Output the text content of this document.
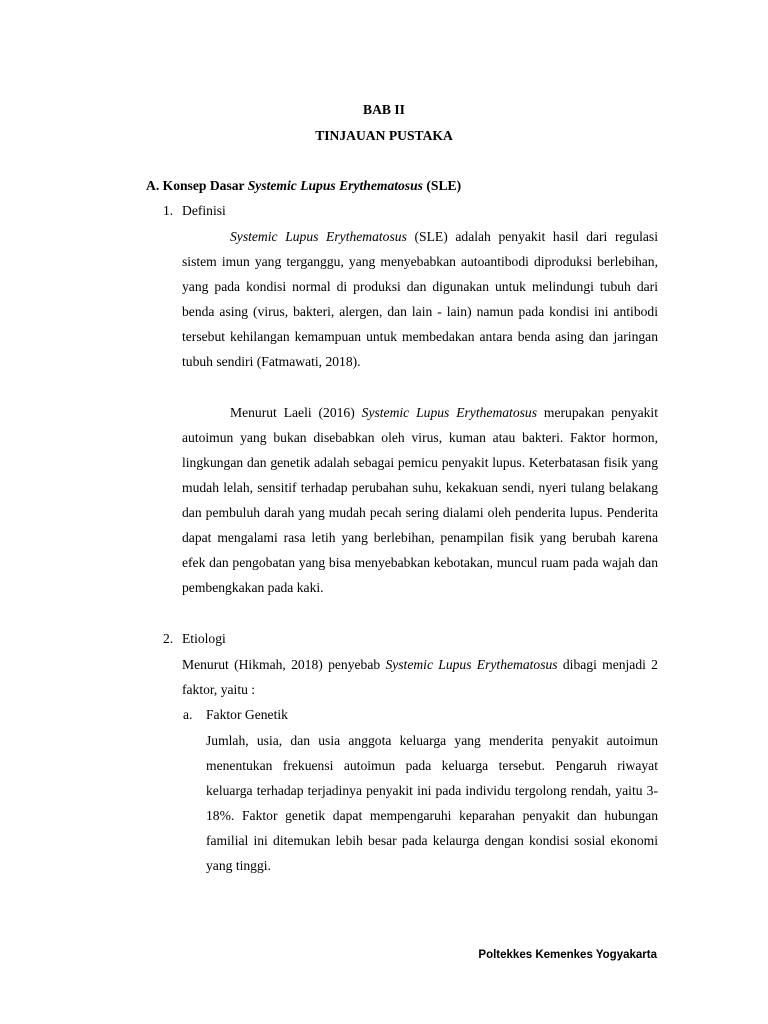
BAB II
TINJAUAN PUSTAKA
A. Konsep Dasar Systemic Lupus Erythematosus (SLE)
1. Definisi

Systemic Lupus Erythematosus (SLE) adalah penyakit hasil dari regulasi sistem imun yang terganggu, yang menyebabkan autoantibodi diproduksi berlebihan, yang pada kondisi normal di produksi dan digunakan untuk melindungi tubuh dari benda asing (virus, bakteri, alergen, dan lain - lain) namun pada kondisi ini antibodi tersebut kehilangan kemampuan untuk membedakan antara benda asing dan jaringan tubuh sendiri (Fatmawati, 2018).

Menurut Laeli (2016) Systemic Lupus Erythematosus merupakan penyakit autoimun yang bukan disebabkan oleh virus, kuman atau bakteri. Faktor hormon, lingkungan dan genetik adalah sebagai pemicu penyakit lupus. Keterbatasan fisik yang mudah lelah, sensitif terhadap perubahan suhu, kekakuan sendi, nyeri tulang belakang dan pembuluh darah yang mudah pecah sering dialami oleh penderita lupus. Penderita dapat mengalami rasa letih yang berlebihan, penampilan fisik yang berubah karena efek dan pengobatan yang bisa menyebabkan kebotakan, muncul ruam pada wajah dan pembengkakan pada kaki.

2. Etiologi

Menurut (Hikmah, 2018) penyebab Systemic Lupus Erythematosus dibagi menjadi 2 faktor, yaitu :

a. Faktor Genetik

Jumlah, usia, dan usia anggota keluarga yang menderita penyakit autoimun menentukan frekuensi autoimun pada keluarga tersebut. Pengaruh riwayat keluarga terhadap terjadinya penyakit ini pada individu tergolong rendah, yaitu 3-18%. Faktor genetik dapat mempengaruhi keparahan penyakit dan hubungan familial ini ditemukan lebih besar pada kelaurga dengan kondisi sosial ekonomi yang tinggi.

Poltekkes Kemenkes Yogyakarta
